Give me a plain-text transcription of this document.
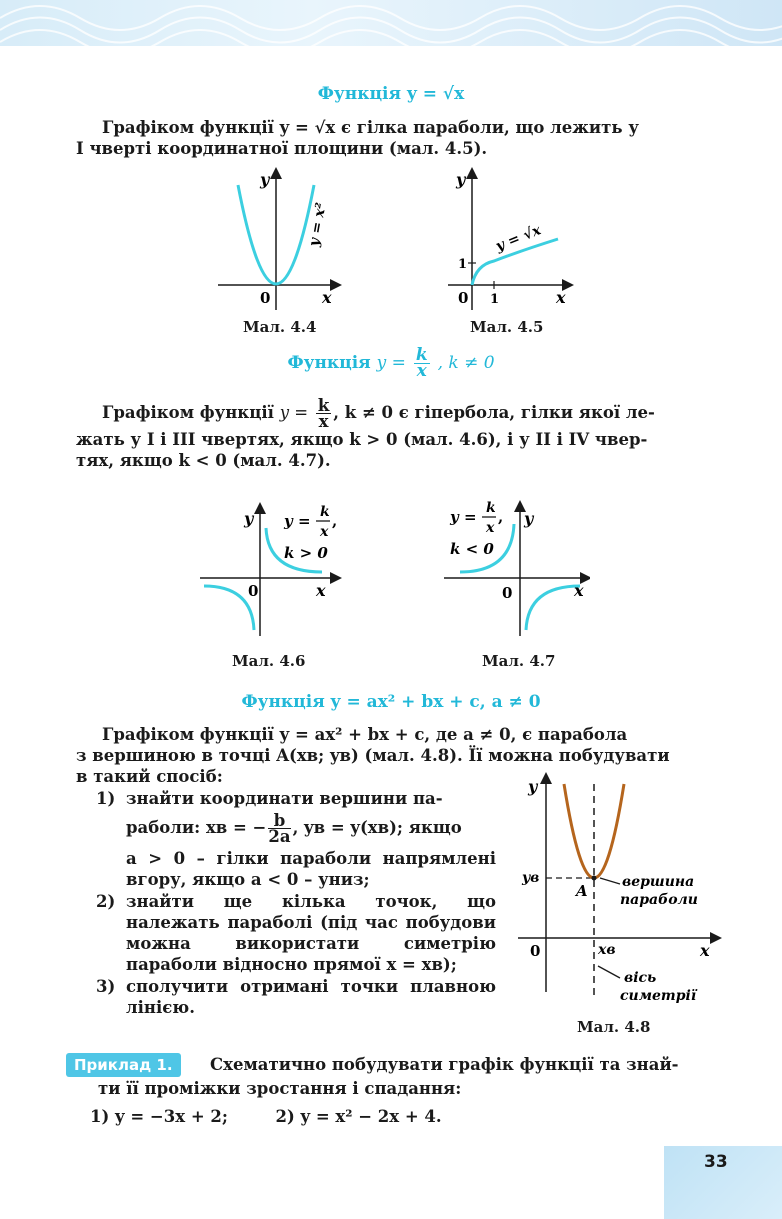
Функція y = √x
Графіком функції y = √x є гілка параболи, що лежить у
I чверті координатної площини (мал. 4.5).
y
x
0
y = x²
Мал. 4.4
y
x
0
1
1
y = √x
Мал. 4.5
Функція $y = \frac{k}{x}$ , k ≠ 0
Графіком функції $y = \frac{k}{x}$ , k ≠ 0 є гіпербола, гілки якої ле-
жать у I і III чвертях, якщо k > 0 (мал. 4.6), і у II і IV чвер-
тях, якщо k < 0 (мал. 4.7).
y
x
0
y = k
x
,
k > 0
Мал. 4.6
y
x
0
y = k
x
,
k < 0
Мал. 4.7
Функція y = ax² + bx + c, a ≠ 0
Графіком функції y = ax² + bx + c, де a ≠ 0, є парабола
з вершиною в точці A(xв; yв) (мал. 4.8). Її можна побудувати
в такий спосіб:
1) знайти координати вершини па-
раболи: xв = − $\frac{b}{2a}$ , yв = y(xв); якщо
a > 0 – гілки параболи напрямлені вгору, якщо a < 0 – униз;
2) знайти ще кілька точок, що належать параболі (під час побудови можна використати симетрію параболи відносно прямої x = xв);
3) сполучити отримані точки плавною лінією.
y
x
0
yв
xв
A вершина
параболи
вісь
симетрії
Мал. 4.8
Приклад 1.	Схематично побудувати графік функції та знай-
ти її проміжки зростання і спадання:
1) y = −3x + 2;	2) y = x² − 2x + 4.
33
